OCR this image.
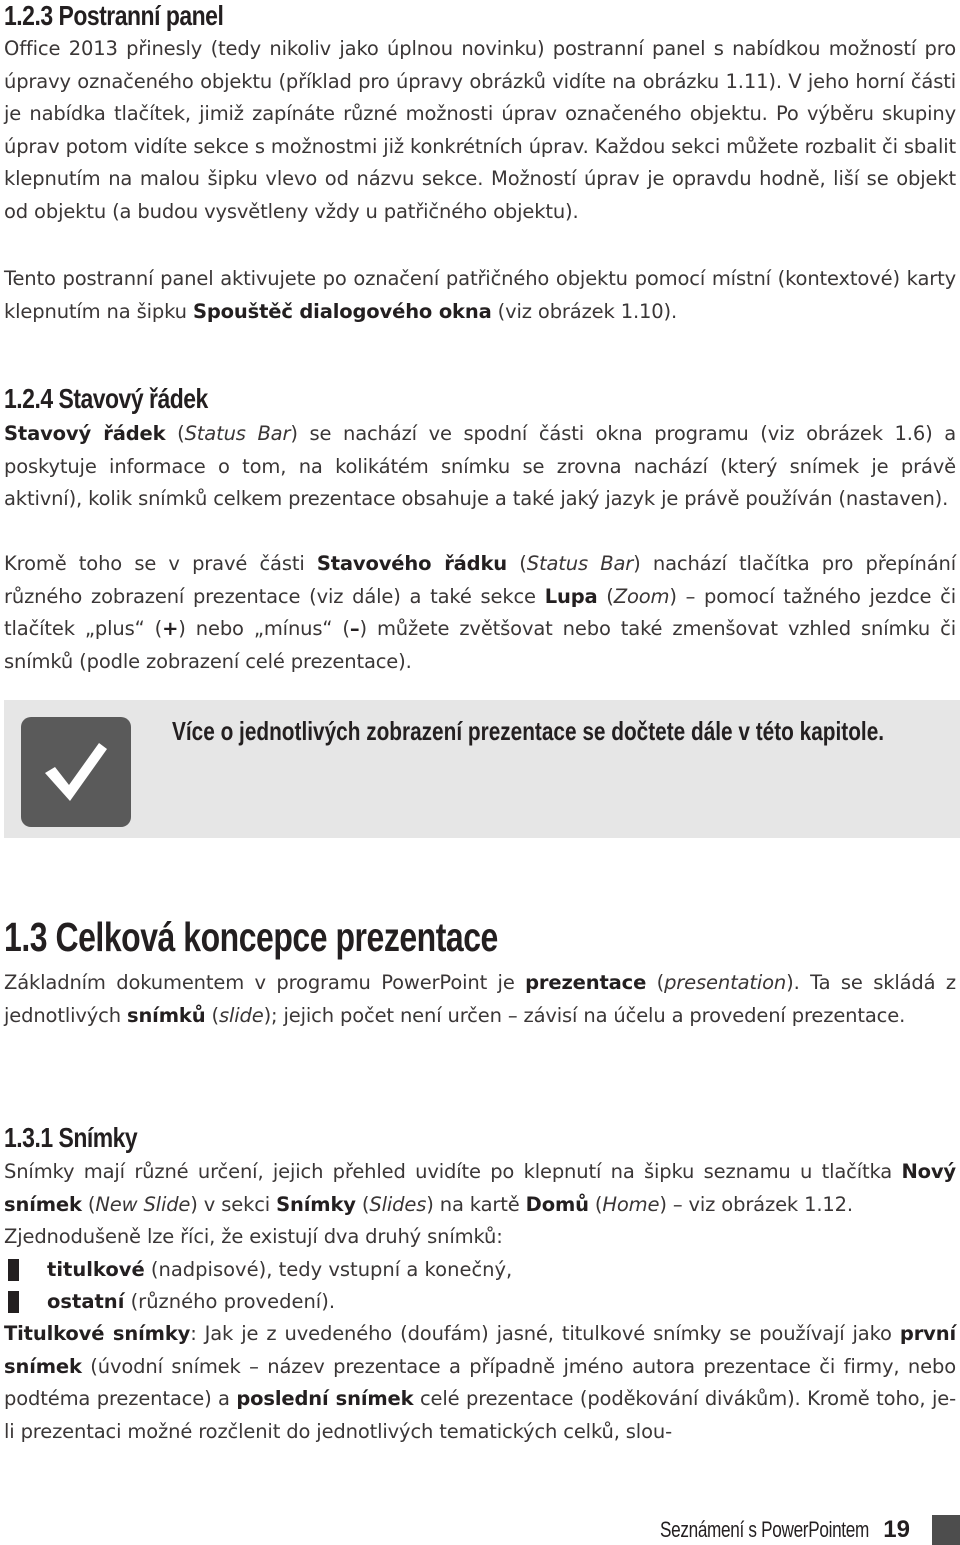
1.2.3 Postranní panel

Office 2013 přinesly (tedy nikoliv jako úplnou novinku) postranní panel s nabídkou možností pro úpravy označeného objektu (příklad pro úpravy obrázků vidíte na obrázku 1.11). V jeho horní části je nabídka tlačítek, jimiž zapínáte různé možnosti úprav označeného objektu. Po výběru skupiny úprav potom vidíte sekce s možnostmi již konkrétních úprav. Každou sekci můžete rozbalit či sbalit klepnutím na malou šipku vlevo od názvu sekce. Možností úprav je opravdu hodně, liší se objekt od objektu (a budou vysvětleny vždy u patřičného objektu).

Tento postranní panel aktivujete po označení patřičného objektu pomocí místní (kontextové) karty klepnutím na šipku Spouštěč dialogového okna (viz obrázek 1.10).

1.2.4 Stavový řádek

Stavový řádek (Status Bar) se nachází ve spodní části okna programu (viz obrázek 1.6) a poskytuje informace o tom, na kolikátém snímku se zrovna nachází (který snímek je právě aktivní), kolik snímků celkem prezentace obsahuje a také jaký jazyk je právě používán (nastaven).

Kromě toho se v pravé části Stavového řádku (Status Bar) nachází tlačítka pro přepínání různého zobrazení prezentace (viz dále) a také sekce Lupa (Zoom) – pomocí tažného jezdce či tlačítek „plus“ (+) nebo „mínus“ (–) můžete zvětšovat nebo také zmenšovat vzhled snímku či snímků (podle zobrazení celé prezentace).

Více o jednotlivých zobrazení prezentace se dočtete dále v této kapitole.
1.3 Celková koncepce prezentace

Základním dokumentem v programu PowerPoint je prezentace (presentation). Ta se skládá z jednotlivých snímků (slide); jejich počet není určen – závisí na účelu a provedení prezentace.

1.3.1 Snímky

Snímky mají různé určení, jejich přehled uvidíte po klepnutí na šipku seznamu u tlačítka Nový snímek (New Slide) v sekci Snímky (Slides) na kartě Domů (Home) – viz obrázek 1.12.

Zjednodušeně lze říci, že existují dva druhý snímků:

titulkové (nadpisové), tedy vstupní a konečný,
ostatní (různého provedení).

Titulkové snímky: Jak je z uvedeného (doufám) jasné, titulkové snímky se používají jako první snímek (úvodní snímek – název prezentace a případně jméno autora prezentace či firmy, nebo podtéma prezentace) a poslední snímek celé prezentace (poděkování divákům). Kromě toho, je-li prezentaci možné rozčlenit do jednotlivých tematických celků, slou-

Seznámení s PowerPointem 19
